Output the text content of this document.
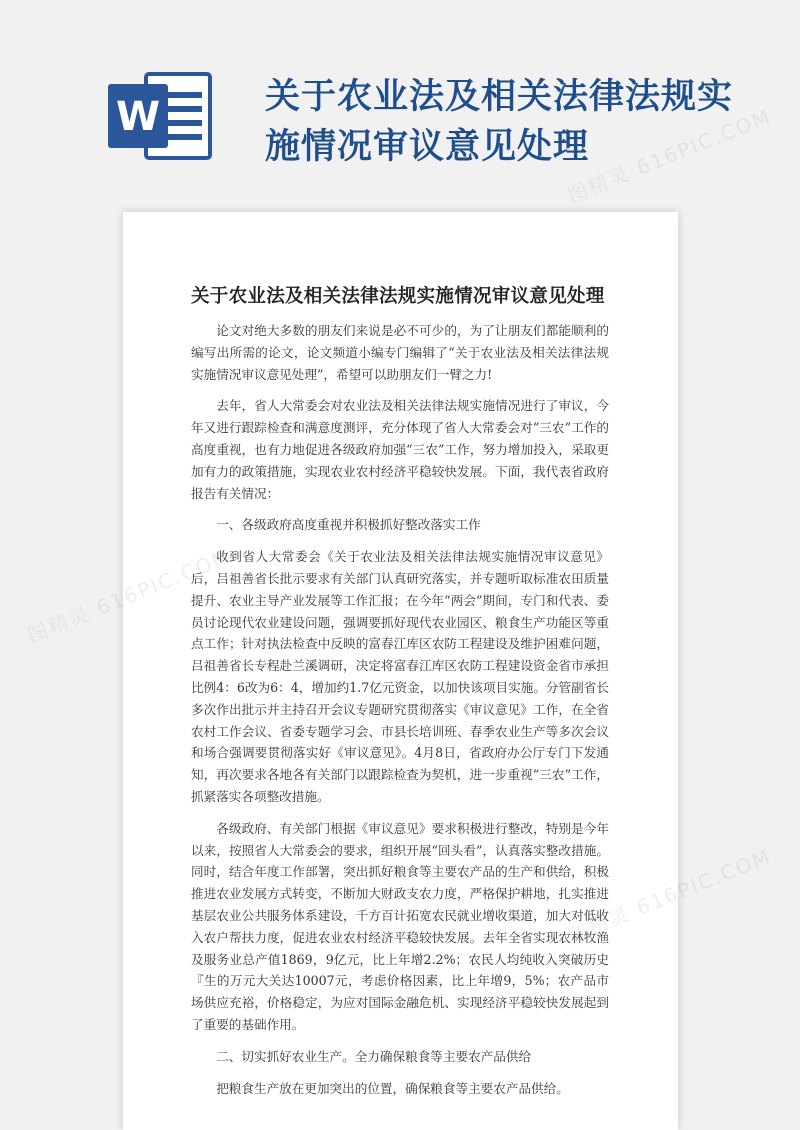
W	关于农业法及相关法律法规实施情况审议意见处理
关于农业法及相关法律法规实施情况审议意见处理

论文对绝大多数的朋友们来说是必不可少的，为了让朋友们都能顺利的编写出所需的论文，论文频道小编专门编辑了“关于农业法及相关法律法规实施情况审议意见处理”，希望可以助朋友们一臂之力!

去年，省人大常委会对农业法及相关法律法规实施情况进行了审议，今年又进行跟踪检查和满意度测评，充分体现了省人大常委会对“三农”工作的高度重视，也有力地促进各级政府加强“三农”工作，努力增加投入，采取更加有力的政策措施，实现农业农村经济平稳较快发展。下面，我代表省政府报告有关情况：

一、各级政府高度重视并积极抓好整改落实工作

收到省人大常委会《关于农业法及相关法律法规实施情况审议意见》后，吕祖善省长批示要求有关部门认真研究落实，并专题听取标准农田质量提升、农业主导产业发展等工作汇报；在今年“两会”期间，专门和代表、委员讨论现代农业建设问题，强调要抓好现代农业园区、粮食生产功能区等重点工作；针对执法检查中反映的富春江库区农防工程建设及维护困难问题，吕祖善省长专程赴兰溪调研，决定将富春江库区农防工程建设资金省市承担比例4：6改为6：4，增加约1.7亿元资金，以加快该项目实施。分管副省长多次作出批示并主持召开会议专题研究贯彻落实《审议意见》工作，在全省农村工作会议、省委专题学习会、市县长培训班、春季农业生产等多次会议和场合强调要贯彻落实好《审议意见》。4月8日，省政府办公厅专门下发通知，再次要求各地各有关部门以跟踪检查为契机，进一步重视“三农”工作，抓紧落实各项整改措施。

各级政府、有关部门根据《审议意见》要求积极进行整改，特别是今年以来，按照省人大常委会的要求，组织开展“回头看”，认真落实整改措施。同时，结合年度工作部署，突出抓好粮食等主要农产品的生产和供给，积极推进农业发展方式转变，不断加大财政支农力度，严格保护耕地，扎实推进基层农业公共服务体系建设，千方百计拓宽农民就业增收渠道，加大对低收入农户帮扶力度，促进农业农村经济平稳较快发展。去年全省实现农林牧渔及服务业总产值1869，9亿元，比上年增2.2%；农民人均纯收入突破历史『生的万元大关达10007元，考虑价格因素，比上年增9，5%；农产品市场供应充裕，价格稳定，为应对国际金融危机、实现经济平稳较快发展起到了重要的基础作用。

二、切实抓好农业生产。全力确保粮食等主要农产品供给

把粮食生产放在更加突出的位置，确保粮食等主要农产品供给。

图精灵 616PIC.COM
图精灵
616PIC.COM
